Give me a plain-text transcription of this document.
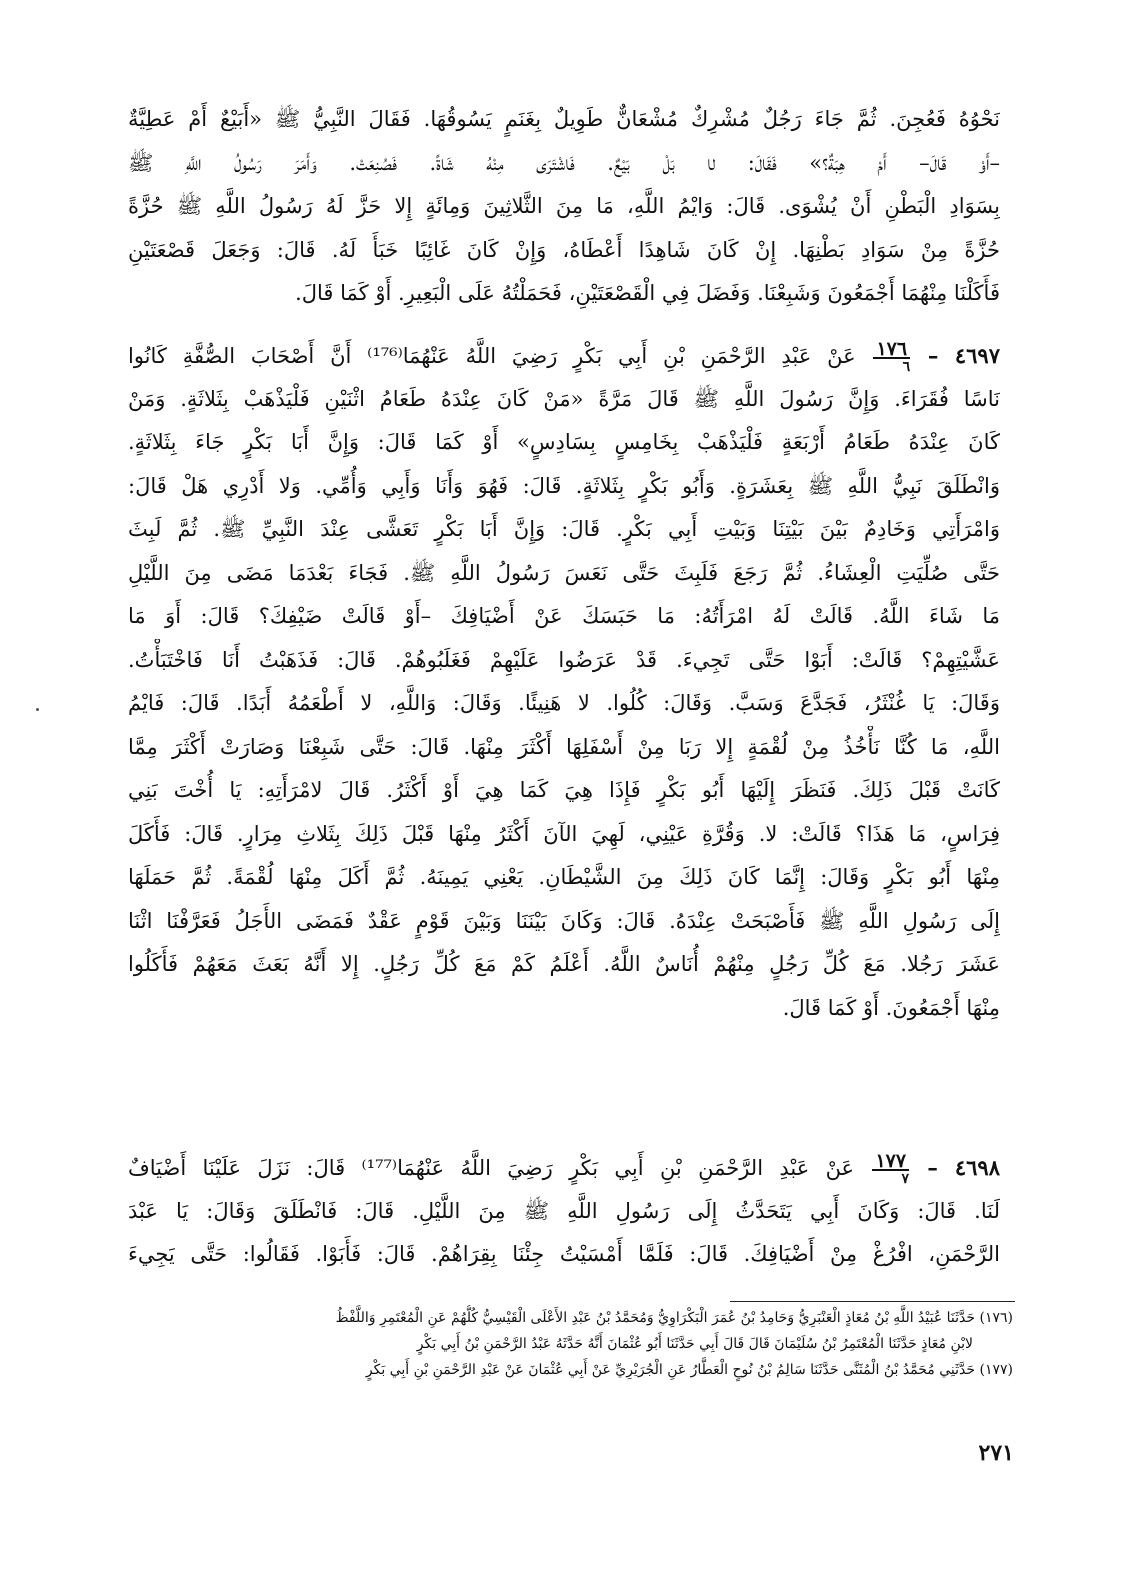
نَحْوُهُ فَعُجِنَ. ثُمَّ جَاءَ رَجُلٌ مُشْرِكٌ مُشْعَانٌّ طَوِيلٌ بِغَنَمٍ يَسُوقُهَا. فَقَالَ النَّبِيُّ ﷺ «أَبَيْعٌ أَمْ عَطِيَّةٌ
–أَوْ قَالَ– أَمْ هِبَةٌ؟» فَقَالَ: لا بَلْ بَيْعٌ. فَاشْتَرَى مِنْهُ شَاةً. فَصُنِعَتْ. وَأَمَرَ رَسُولُ اللَّهِ ﷺ
بِسَوَادِ الْبَطْنِ أَنْ يُشْوَى. قَالَ: وَايْمُ اللَّهِ، مَا مِنَ الثَّلاثِينَ وَمِائَةٍ إِلا حَزَّ لَهُ رَسُولُ اللَّهِ ﷺ حُزَّةً
حُزَّةً مِنْ سَوَادِ بَطْنِهَا. إِنْ كَانَ شَاهِدًا أَعْطَاهُ، وَإِنْ كَانَ غَائِبًا خَبَأَ لَهُ. قَالَ: وَجَعَلَ قَصْعَتَيْنِ
فَأَكَلْنَا مِنْهُمَا أَجْمَعُونَ وَشَبِعْنَا. وَفَضَلَ فِي الْقَصْعَتَيْنِ، فَحَمَلْتُهُ عَلَى الْبَعِيرِ. أَوْ كَمَا قَالَ.
٤٦٩٧ –
١٧٦
٦
عَنْ عَبْدِ الرَّحْمَنِ بْنِ أَبِي بَكْرٍ رَضِيَ اللَّهُ عَنْهُمَا⁽¹⁷⁶⁾ أَنَّ أَصْحَابَ الصُّفَّةِ كَانُوا
نَاسًا فُقَرَاءَ. وَإِنَّ رَسُولَ اللَّهِ ﷺ قَالَ مَرَّةً «مَنْ كَانَ عِنْدَهُ طَعَامُ اثْنَيْنِ فَلْيَذْهَبْ بِثَلاثَةٍ. وَمَنْ
كَانَ عِنْدَهُ طَعَامُ أَرْبَعَةٍ فَلْيَذْهَبْ بِخَامِسٍ بِسَادِسٍ» أَوْ كَمَا قَالَ: وَإِنَّ أَبَا بَكْرٍ جَاءَ بِثَلاثَةٍ.
وَانْطَلَقَ نَبِيُّ اللَّهِ ﷺ بِعَشَرَةٍ. وَأَبُو بَكْرٍ بِثَلاثَةٍ. قَالَ: فَهُوَ وَأَنَا وَأَبِي وَأُمِّي. وَلا أَدْرِي هَلْ قَالَ:
وَامْرَأَتِي وَخَادِمٌ بَيْنَ بَيْتِنَا وَبَيْتِ أَبِي بَكْرٍ. قَالَ: وَإِنَّ أَبَا بَكْرٍ تَعَشَّى عِنْدَ النَّبِيِّ ﷺ. ثُمَّ لَبِثَ
حَتَّى صُلِّيَتِ الْعِشَاءُ. ثُمَّ رَجَعَ فَلَبِثَ حَتَّى نَعَسَ رَسُولُ اللَّهِ ﷺ. فَجَاءَ بَعْدَمَا مَضَى مِنَ اللَّيْلِ
مَا شَاءَ اللَّهُ. قَالَتْ لَهُ امْرَأَتُهُ: مَا حَبَسَكَ عَنْ أَضْيَافِكَ –أَوْ قَالَتْ ضَيْفِكَ؟ قَالَ: أَوَ مَا
عَشَّيْتِهِمْ؟ قَالَتْ: أَبَوْا حَتَّى تَجِيءَ. قَدْ عَرَضُوا عَلَيْهِمْ فَغَلَبُوهُمْ. قَالَ: فَذَهَبْتُ أَنَا فَاخْتَبَأْتُ.
وَقَالَ: يَا غُنْثَرُ، فَجَدَّعَ وَسَبَّ. وَقَالَ: كُلُوا. لا هَنِيئًا. وَقَالَ: وَاللَّهِ، لا أَطْعَمُهُ أَبَدًا. قَالَ: فَايْمُ
اللَّهِ، مَا كُنَّا نَأْخُذُ مِنْ لُقْمَةٍ إِلا رَبَا مِنْ أَسْفَلِهَا أَكْثَرَ مِنْهَا. قَالَ: حَتَّى شَبِعْنَا وَصَارَتْ أَكْثَرَ مِمَّا
كَانَتْ قَبْلَ ذَلِكَ. فَنَظَرَ إِلَيْهَا أَبُو بَكْرٍ فَإِذَا هِيَ كَمَا هِيَ أَوْ أَكْثَرُ. قَالَ لامْرَأَتِهِ: يَا أُخْتَ بَنِي
فِرَاسٍ، مَا هَذَا؟ قَالَتْ: لا. وَقُرَّةِ عَيْنِي، لَهِيَ الآنَ أَكْثَرُ مِنْهَا قَبْلَ ذَلِكَ بِثَلاثِ مِرَارٍ. قَالَ: فَأَكَلَ
مِنْهَا أَبُو بَكْرٍ وَقَالَ: إِنَّمَا كَانَ ذَلِكَ مِنَ الشَّيْطَانِ. يَعْنِي يَمِينَهُ. ثُمَّ أَكَلَ مِنْهَا لُقْمَةً. ثُمَّ حَمَلَهَا
إِلَى رَسُولِ اللَّهِ ﷺ فَأَصْبَحَتْ عِنْدَهُ. قَالَ: وَكَانَ بَيْنَنَا وَبَيْنَ قَوْمٍ عَقْدٌ فَمَضَى الأَجَلُ فَعَرَّفْنَا اثْنَا
عَشَرَ رَجُلا. مَعَ كُلِّ رَجُلٍ مِنْهُمْ أُنَاسٌ اللَّهُ. أَعْلَمُ كَمْ مَعَ كُلِّ رَجُلٍ. إِلا أَنَّهُ بَعَثَ مَعَهُمْ فَأَكَلُوا
مِنْهَا أَجْمَعُونَ. أَوْ كَمَا قَالَ.
٤٦٩٨ –
١٧٧
٧
عَنْ عَبْدِ الرَّحْمَنِ بْنِ أَبِي بَكْرٍ رَضِيَ اللَّهُ عَنْهُمَا⁽¹⁷⁷⁾ قَالَ: نَزَلَ عَلَيْنَا أَضْيَافٌ
لَنَا. قَالَ: وَكَانَ أَبِي يَتَحَدَّثُ إِلَى رَسُولِ اللَّهِ ﷺ مِنَ اللَّيْلِ. قَالَ: فَانْطَلَقَ وَقَالَ: يَا عَبْدَ
الرَّحْمَنِ، افْرُغْ مِنْ أَضْيَافِكَ. قَالَ: فَلَمَّا أَمْسَيْتُ جِئْنَا بِقِرَاهُمْ. قَالَ: فَأَبَوْا. فَقَالُوا: حَتَّى يَجِيءَ
(١٧٦) حَدَّثَنَا عُبَيْدُ اللَّهِ بْنُ مُعَاذٍ الْعَنْبَرِيُّ وَحَامِدُ بْنُ عُمَرَ الْبَكْرَاوِيُّ وَمُحَمَّدُ بْنُ عَبْدِ الأَعْلَى الْقَيْسِيُّ كُلُّهُمْ عَنِ الْمُعْتَمِرِ وَاللَّفْظُ
لابْنِ مُعَاذٍ حَدَّثَنَا الْمُعْتَمِرُ بْنُ سُلَيْمَانَ قَالَ قَالَ أَبِي حَدَّثَنَا أَبُو عُثْمَانَ أَنَّهُ حَدَّثَهُ عَبْدُ الرَّحْمَنِ بْنُ أَبِي بَكْرٍ
(١٧٧) حَدَّثَنِي مُحَمَّدُ بْنُ الْمُثَنَّى حَدَّثَنَا سَالِمُ بْنُ نُوحٍ الْعَطَّارُ عَنِ الْجُرَيْرِيِّ عَنْ أَبِي عُثْمَانَ عَنْ عَبْدِ الرَّحْمَنِ بْنِ أَبِي بَكْرٍ
٢٧١
